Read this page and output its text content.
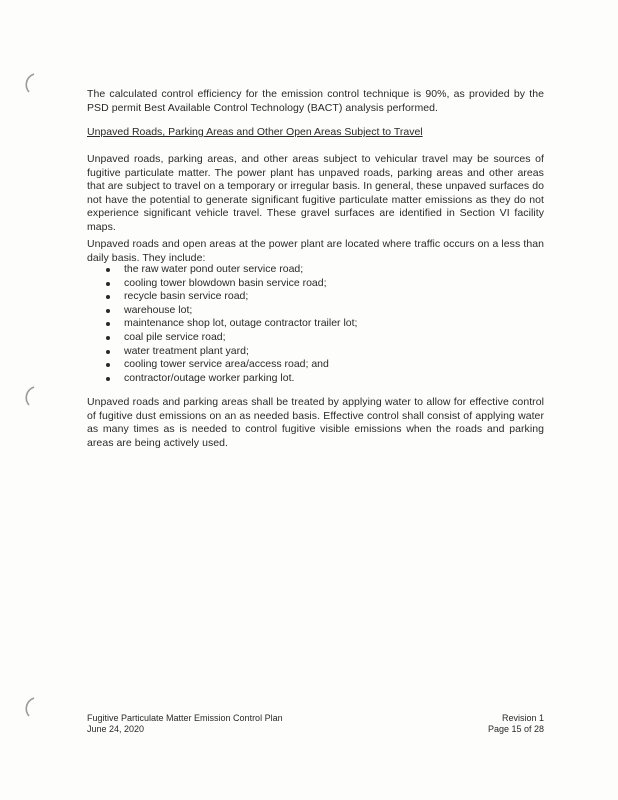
The calculated control efficiency for the emission control technique is 90%, as provided by the PSD permit Best Available Control Technology (BACT) analysis performed.

Unpaved Roads, Parking Areas and Other Open Areas Subject to Travel

Unpaved roads, parking areas, and other areas subject to vehicular travel may be sources of fugitive particulate matter. The power plant has unpaved roads, parking areas and other areas that are subject to travel on a temporary or irregular basis. In general, these unpaved surfaces do not have the potential to generate significant fugitive particulate matter emissions as they do not experience significant vehicle travel. These gravel surfaces are identified in Section VI facility maps.

Unpaved roads and open areas at the power plant are located where traffic occurs on a less than daily basis. They include:

the raw water pond outer service road;
cooling tower blowdown basin service road;
recycle basin service road;
warehouse lot;
maintenance shop lot, outage contractor trailer lot;
coal pile service road;
water treatment plant yard;
cooling tower service area/access road; and
contractor/outage worker parking lot.

Unpaved roads and parking areas shall be treated by applying water to allow for effective control of fugitive dust emissions on an as needed basis. Effective control shall consist of applying water as many times as is needed to control fugitive visible emissions when the roads and parking areas are being actively used.

Fugitive Particulate Matter Emission Control Plan
June 24, 2020
Revision 1
Page 15 of 28
